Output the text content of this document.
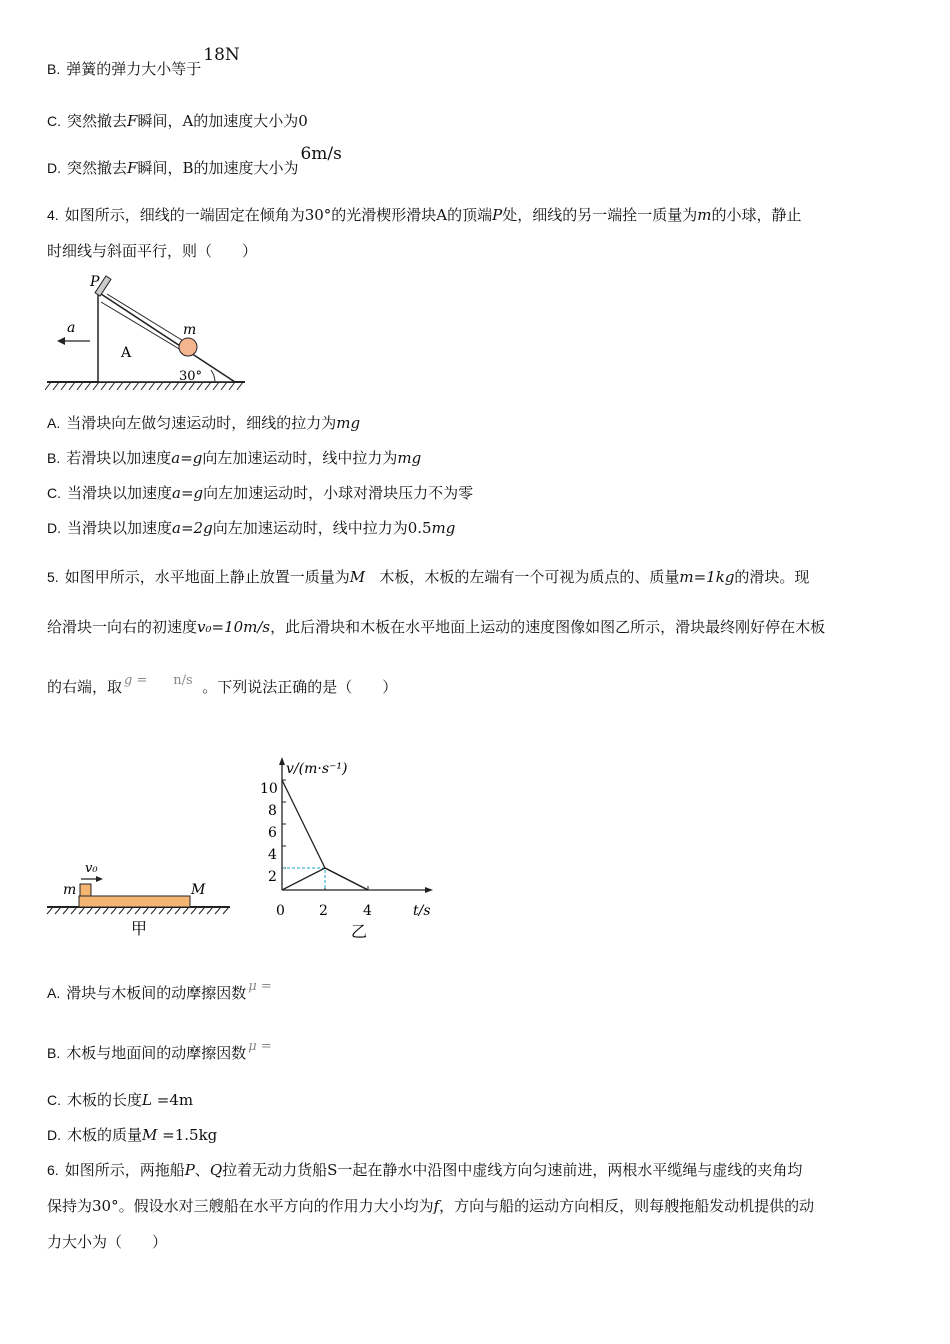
B. 弹簧的弹力大小等于18N
C. 突然撤去F瞬间，A的加速度大小为0
D. 突然撤去F瞬间，B的加速度大小为6m/s
4. 如图所示，细线的一端固定在倾角为30°的光滑楔形滑块A的顶端P处，细线的另一端拴一质量为m的小球，静止
时细线与斜面平行，则（　　）
P
m
a
A
30°
A. 当滑块向左做匀速运动时，细线的拉力为mg
B. 若滑块以加速度a=g向左加速运动时，线中拉力为mg
C. 当滑块以加速度a=g向左加速运动时，小球对滑块压力不为零
D. 当滑块以加速度a=2g向左加速运动时，线中拉力为0.5mg
5. 如图甲所示，水平地面上静止放置一质量为M 木板，木板的左端有一个可视为质点的、质量m=1kg的滑块。现
给滑块一向右的初速度v₀=10m/s，此后滑块和木板在水平地面上运动的速度图像如图乙所示，滑块最终刚好停在木板
的右端，取 g = n/s 。下列说法正确的是（　　）
v₀
m	M
甲
v/(m·s⁻¹)
t/s
10
8
6
4
2
0 2	4
乙
A. 滑块与木板间的动摩擦因数 μ =
B. 木板与地面间的动摩擦因数 μ =
C. 木板的长度L =4m
D. 木板的质量M =1.5kg
6. 如图所示，两拖船P、Q拉着无动力货船S一起在静水中沿图中虚线方向匀速前进，两根水平缆绳与虚线的夹角均
保持为30°。假设水对三艘船在水平方向的作用力大小均为f，方向与船的运动方向相反，则每艘拖船发动机提供的动
力大小为（　　）
